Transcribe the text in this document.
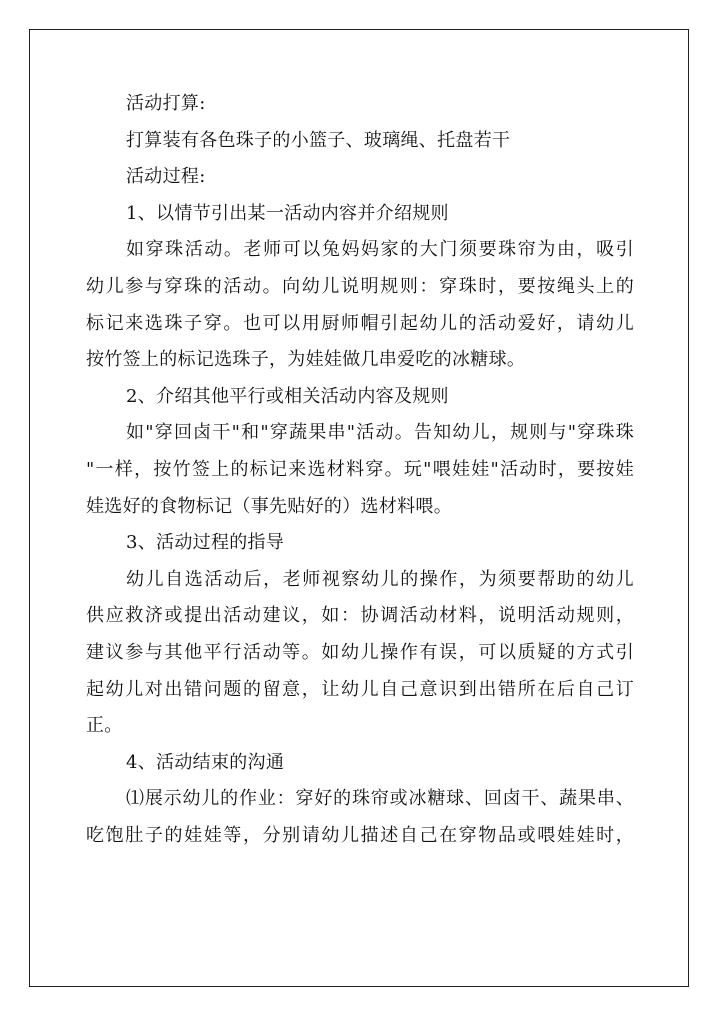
活动打算:
打算装有各色珠子的小篮子、玻璃绳、托盘若干
活动过程:
1、以情节引出某一活动内容并介绍规则
如穿珠活动。老师可以兔妈妈家的大门须要珠帘为由，吸引
幼儿参与穿珠的活动。向幼儿说明规则：穿珠时，要按绳头上的
标记来选珠子穿。也可以用厨师帽引起幼儿的活动爱好，请幼儿
按竹签上的标记选珠子，为娃娃做几串爱吃的冰糖球。
2、介绍其他平行或相关活动内容及规则
如"穿回卤干"和"穿蔬果串"活动。告知幼儿，规则与"穿珠珠
"一样，按竹签上的标记来选材料穿。玩"喂娃娃"活动时，要按娃
娃选好的食物标记（事先贴好的）选材料喂。
3、活动过程的指导
幼儿自选活动后，老师视察幼儿的操作，为须要帮助的幼儿
供应救济或提出活动建议，如：协调活动材料，说明活动规则，
建议参与其他平行活动等。如幼儿操作有误，可以质疑的方式引
起幼儿对出错问题的留意，让幼儿自己意识到出错所在后自己订
正。
4、活动结束的沟通
⑴展示幼儿的作业：穿好的珠帘或冰糖球、回卤干、蔬果串、
吃饱肚子的娃娃等，分别请幼儿描述自己在穿物品或喂娃娃时，
